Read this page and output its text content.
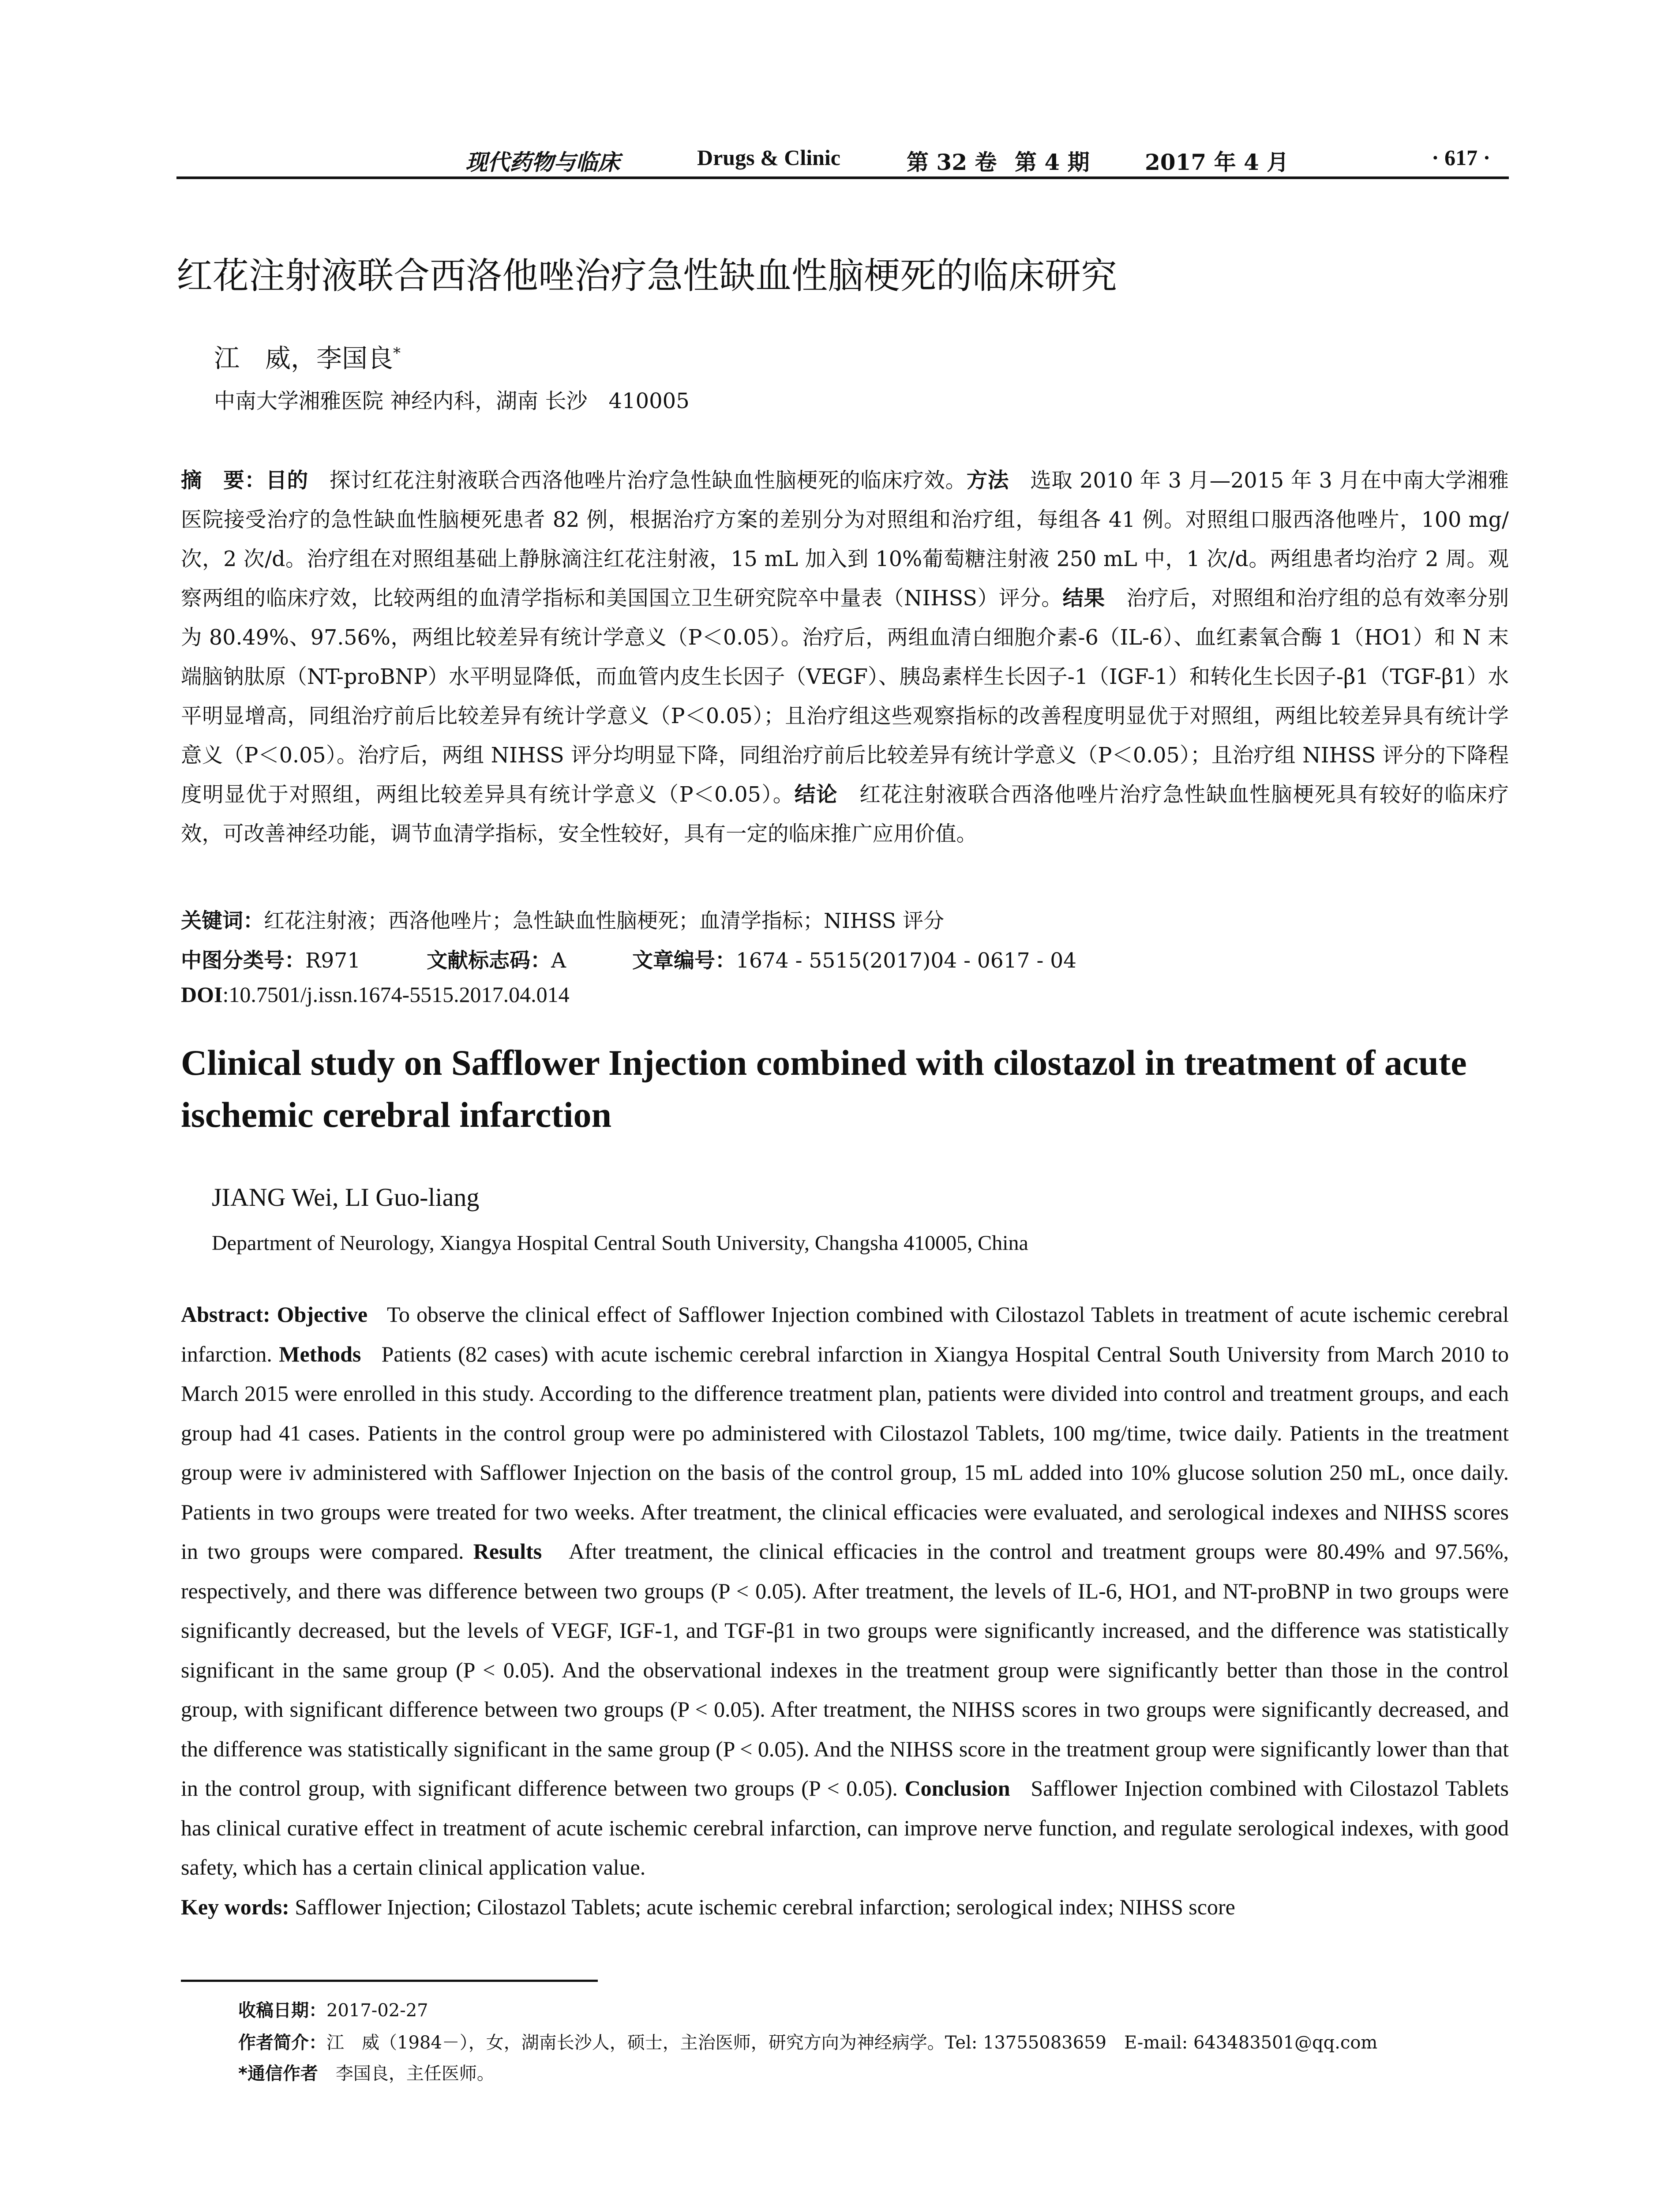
现代药物与临床	Drugs & Clinic	第 32 卷 第 4 期	2017 年 4 月	· 617 ·
红花注射液联合西洛他唑治疗急性缺血性脑梗死的临床研究
江　威，李国良*
中南大学湘雅医院 神经内科，湖南 长沙　410005
摘　要：目的　探讨红花注射液联合西洛他唑片治疗急性缺血性脑梗死的临床疗效。方法　选取 2010 年 3 月—2015 年 3 月在中南大学湘雅医院接受治疗的急性缺血性脑梗死患者 82 例，根据治疗方案的差别分为对照组和治疗组，每组各 41 例。对照组口服西洛他唑片，100 mg/次，2 次/d。治疗组在对照组基础上静脉滴注红花注射液，15 mL 加入到 10%葡萄糖注射液 250 mL 中，1 次/d。两组患者均治疗 2 周。观察两组的临床疗效，比较两组的血清学指标和美国国立卫生研究院卒中量表（NIHSS）评分。结果　治疗后，对照组和治疗组的总有效率分别为 80.49%、97.56%，两组比较差异有统计学意义（P＜0.05）。治疗后，两组血清白细胞介素-6（IL-6）、血红素氧合酶 1（HO1）和 N 末端脑钠肽原（NT-proBNP）水平明显降低，而血管内皮生长因子（VEGF）、胰岛素样生长因子-1（IGF-1）和转化生长因子-β1（TGF-β1）水平明显增高，同组治疗前后比较差异有统计学意义（P＜0.05）；且治疗组这些观察指标的改善程度明显优于对照组，两组比较差异具有统计学意义（P＜0.05）。治疗后，两组 NIHSS 评分均明显下降，同组治疗前后比较差异有统计学意义（P＜0.05）；且治疗组 NIHSS 评分的下降程度明显优于对照组，两组比较差异具有统计学意义（P＜0.05）。结论　红花注射液联合西洛他唑片治疗急性缺血性脑梗死具有较好的临床疗效，可改善神经功能，调节血清学指标，安全性较好，具有一定的临床推广应用价值。
关键词：红花注射液；西洛他唑片；急性缺血性脑梗死；血清学指标；NIHSS 评分
中图分类号：R971	文献标志码：A	文章编号：1674 - 5515(2017)04 - 0617 - 04
DOI:10.7501/j.issn.1674-5515.2017.04.014
Clinical study on Safflower Injection combined with cilostazol in treatment of acute ischemic cerebral infarction
JIANG Wei, LI Guo-liang
Department of Neurology, Xiangya Hospital Central South University, Changsha 410005, China
Abstract: Objective To observe the clinical effect of Safflower Injection combined with Cilostazol Tablets in treatment of acute ischemic cerebral infarction. Methods Patients (82 cases) with acute ischemic cerebral infarction in Xiangya Hospital Central South University from March 2010 to March 2015 were enrolled in this study. According to the difference treatment plan, patients were divided into control and treatment groups, and each group had 41 cases. Patients in the control group were po administered with Cilostazol Tablets, 100 mg/time, twice daily. Patients in the treatment group were iv administered with Safflower Injection on the basis of the control group, 15 mL added into 10% glucose solution 250 mL, once daily. Patients in two groups were treated for two weeks. After treatment, the clinical efficacies were evaluated, and serological indexes and NIHSS scores in two groups were compared. Results After treatment, the clinical efficacies in the control and treatment groups were 80.49% and 97.56%, respectively, and there was difference between two groups (P < 0.05). After treatment, the levels of IL-6, HO1, and NT-proBNP in two groups were significantly decreased, but the levels of VEGF, IGF-1, and TGF-β1 in two groups were significantly increased, and the difference was statistically significant in the same group (P < 0.05). And the observational indexes in the treatment group were significantly better than those in the control group, with significant difference between two groups (P < 0.05). After treatment, the NIHSS scores in two groups were significantly decreased, and the difference was statistically significant in the same group (P < 0.05). And the NIHSS score in the treatment group were significantly lower than that in the control group, with significant difference between two groups (P < 0.05). Conclusion Safflower Injection combined with Cilostazol Tablets has clinical curative effect in treatment of acute ischemic cerebral infarction, can improve nerve function, and regulate serological indexes, with good safety, which has a certain clinical application value.
Key words: Safflower Injection; Cilostazol Tablets; acute ischemic cerebral infarction; serological index; NIHSS score
收稿日期：2017-02-27
作者简介：江　威（1984－），女，湖南长沙人，硕士，主治医师，研究方向为神经病学。Tel: 13755083659　E-mail: 643483501@qq.com
*通信作者　李国良，主任医师。
